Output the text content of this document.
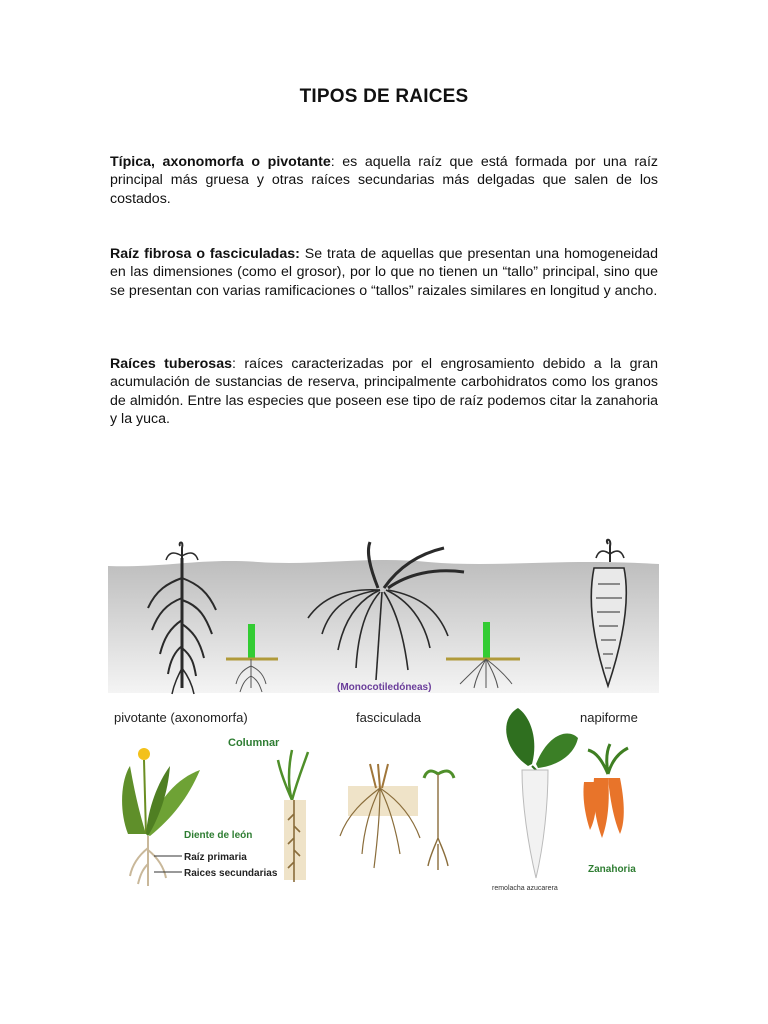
TIPOS DE RAICES
Típica, axonomorfa o pivotante: es aquella raíz que está formada por una raíz principal más gruesa y otras raíces secundarias más delgadas que salen de los costados.
Raíz fibrosa o fasciculadas: Se trata de aquellas que presentan una homogeneidad en las dimensiones (como el grosor), por lo que no tienen un “tallo” principal, sino que se presentan con varias ramificaciones o “tallos” raizales similares en longitud y ancho.
Raíces tuberosas: raíces caracterizadas por el engrosamiento debido a la gran acumulación de sustancias de reserva, principalmente carbohidratos como los granos de almidón. Entre las especies que poseen ese tipo de raíz podemos citar la zanahoria y la yuca.
(Monocotiledóneas)
pivotante (axonomorfa)	fasciculada	napiforme
Columnar
Diente de león
Raíz primaria
Raices secundarias
remolacha azucarera
Zanahoria
